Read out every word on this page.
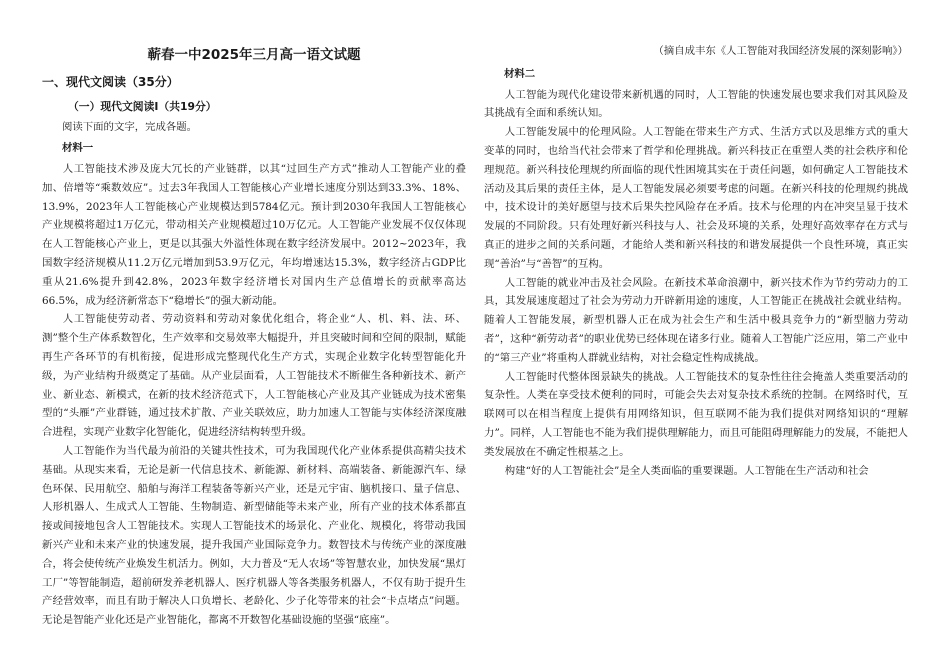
蕲春一中2025年三月高一语文试题
一、现代文阅读（35分）
（一）现代文阅读Ⅰ（共19分）
阅读下面的文字，完成各题。
材料一

人工智能技术涉及庞大冗长的产业链群，以其“过回生产方式”推动人工智能产业的叠加、倍增等“乘数效应”。过去3年我国人工智能核心产业增长速度分别达到33.3%、18%、13.9%，2023年人工智能核心产业规模达到5784亿元。预计到2030年我国人工智能核心产业规模将超过1万亿元，带动相关产业规模超过10万亿元。人工智能产业发展不仅仅体现在人工智能核心产业上，更是以其强大外溢性体现在数字经济发展中。2012~2023年，我国数字经济规模从11.2万亿元增加到53.9万亿元，年均增速达15.3%，数字经济占GDP比重从21.6%提升到42.8%，2023年数字经济增长对国内生产总值增长的贡献率高达66.5%，成为经济新常态下“稳增长”的强大新动能。

人工智能使劳动者、劳动资料和劳动对象优化组合，将企业“人、机、料、法、环、测”整个生产体系数智化，生产效率和交易效率大幅提升，并且突破时间和空间的限制，赋能再生产各环节的有机衔接，促进形成完整现代化生产方式，实现企业数字化转型智能化升级，为产业结构升级奠定了基础。从产业层面看，人工智能技术不断催生各种新技术、新产业、新业态、新模式，在新的技术经济范式下，人工智能核心产业及其产业链成为技术密集型的“头雁”产业群链，通过技术扩散、产业关联效应，助力加速人工智能与实体经济深度融合进程，实现产业数字化智能化，促进经济结构转型升级。

人工智能作为当代最为前沿的关键共性技术，可为我国现代化产业体系提供高精尖技术基础。从现实来看，无论是新一代信息技术、新能源、新材料、高端装备、新能源汽车、绿色环保、民用航空、船舶与海洋工程装备等新兴产业，还是元宇宙、脑机接口、量子信息、人形机器人、生成式人工智能、生物制造、新型储能等未来产业，所有产业的技术体系都直接或间接地包含人工智能技术。实现人工智能技术的场景化、产业化、规模化，将带动我国新兴产业和未来产业的快速发展，提升我国产业国际竞争力。数智技术与传统产业的深度融合，将会使传统产业焕发生机活力。例如，大力普及“无人农场”等智慧农业，加快发展“黑灯工厂”等智能制造，超前研发养老机器人、医疗机器人等各类服务机器人，不仅有助于提升生产经营效率，而且有助于解决人口负增长、老龄化、少子化等带来的社会“卡点堵点”问题。无论是智能产业化还是产业智能化，都离不开数智化基础设施的坚强“底座”。

（摘自成丰东《人工智能对我国经济发展的深刻影响》）
材料二

人工智能为现代化建设带来新机遇的同时，人工智能的快速发展也要求我们对其风险及其挑战有全面和系统认知。

人工智能发展中的伦理风险。人工智能在带来生产方式、生活方式以及思维方式的重大变革的同时，也给当代社会带来了哲学和伦理挑战。新兴科技正在重塑人类的社会秩序和伦理规范。新兴科技伦理规约所面临的现代性困境其实在于责任问题，如何确定人工智能技术活动及其后果的责任主体，是人工智能发展必须要考虑的问题。在新兴科技的伦理规约挑战中，技术设计的美好愿望与技术后果失控风险存在矛盾。技术与伦理的内在冲突呈显于技术发展的不同阶段。只有处理好新兴科技与人、社会及环境的关系，处理好高效率存在方式与真正的进步之间的关系问题，才能给人类和新兴科技的和谐发展提供一个良性环境，真正实现“善治”与“善智”的互构。

人工智能的就业冲击及社会风险。在新技术革命浪潮中，新兴技术作为节约劳动力的工具，其发展速度超过了社会为劳动力开辟新用途的速度，人工智能正在挑战社会就业结构。随着人工智能发展，新型机器人正在成为社会生产和生活中极具竞争力的“新型脑力劳动者”，这种“新劳动者”的职业优势已经体现在诸多行业。随着人工智能广泛应用，第二产业中的“第三产业”将重构人群就业结构，对社会稳定性构成挑战。

人工智能时代整体图景缺失的挑战。人工智能技术的复杂性往往会掩盖人类重要活动的复杂性。人类在享受技术便利的同时，可能会失去对复杂技术系统的控制。在网络时代，互联网可以在相当程度上提供有用网络知识，但互联网不能为我们提供对网络知识的“理解力”。同样，人工智能也不能为我们提供理解能力，而且可能阻碍理解能力的发展，不能把人类发展放在不确定性根基之上。

构建“好的人工智能社会”是全人类面临的重要课题。人工智能在生产活动和社会
